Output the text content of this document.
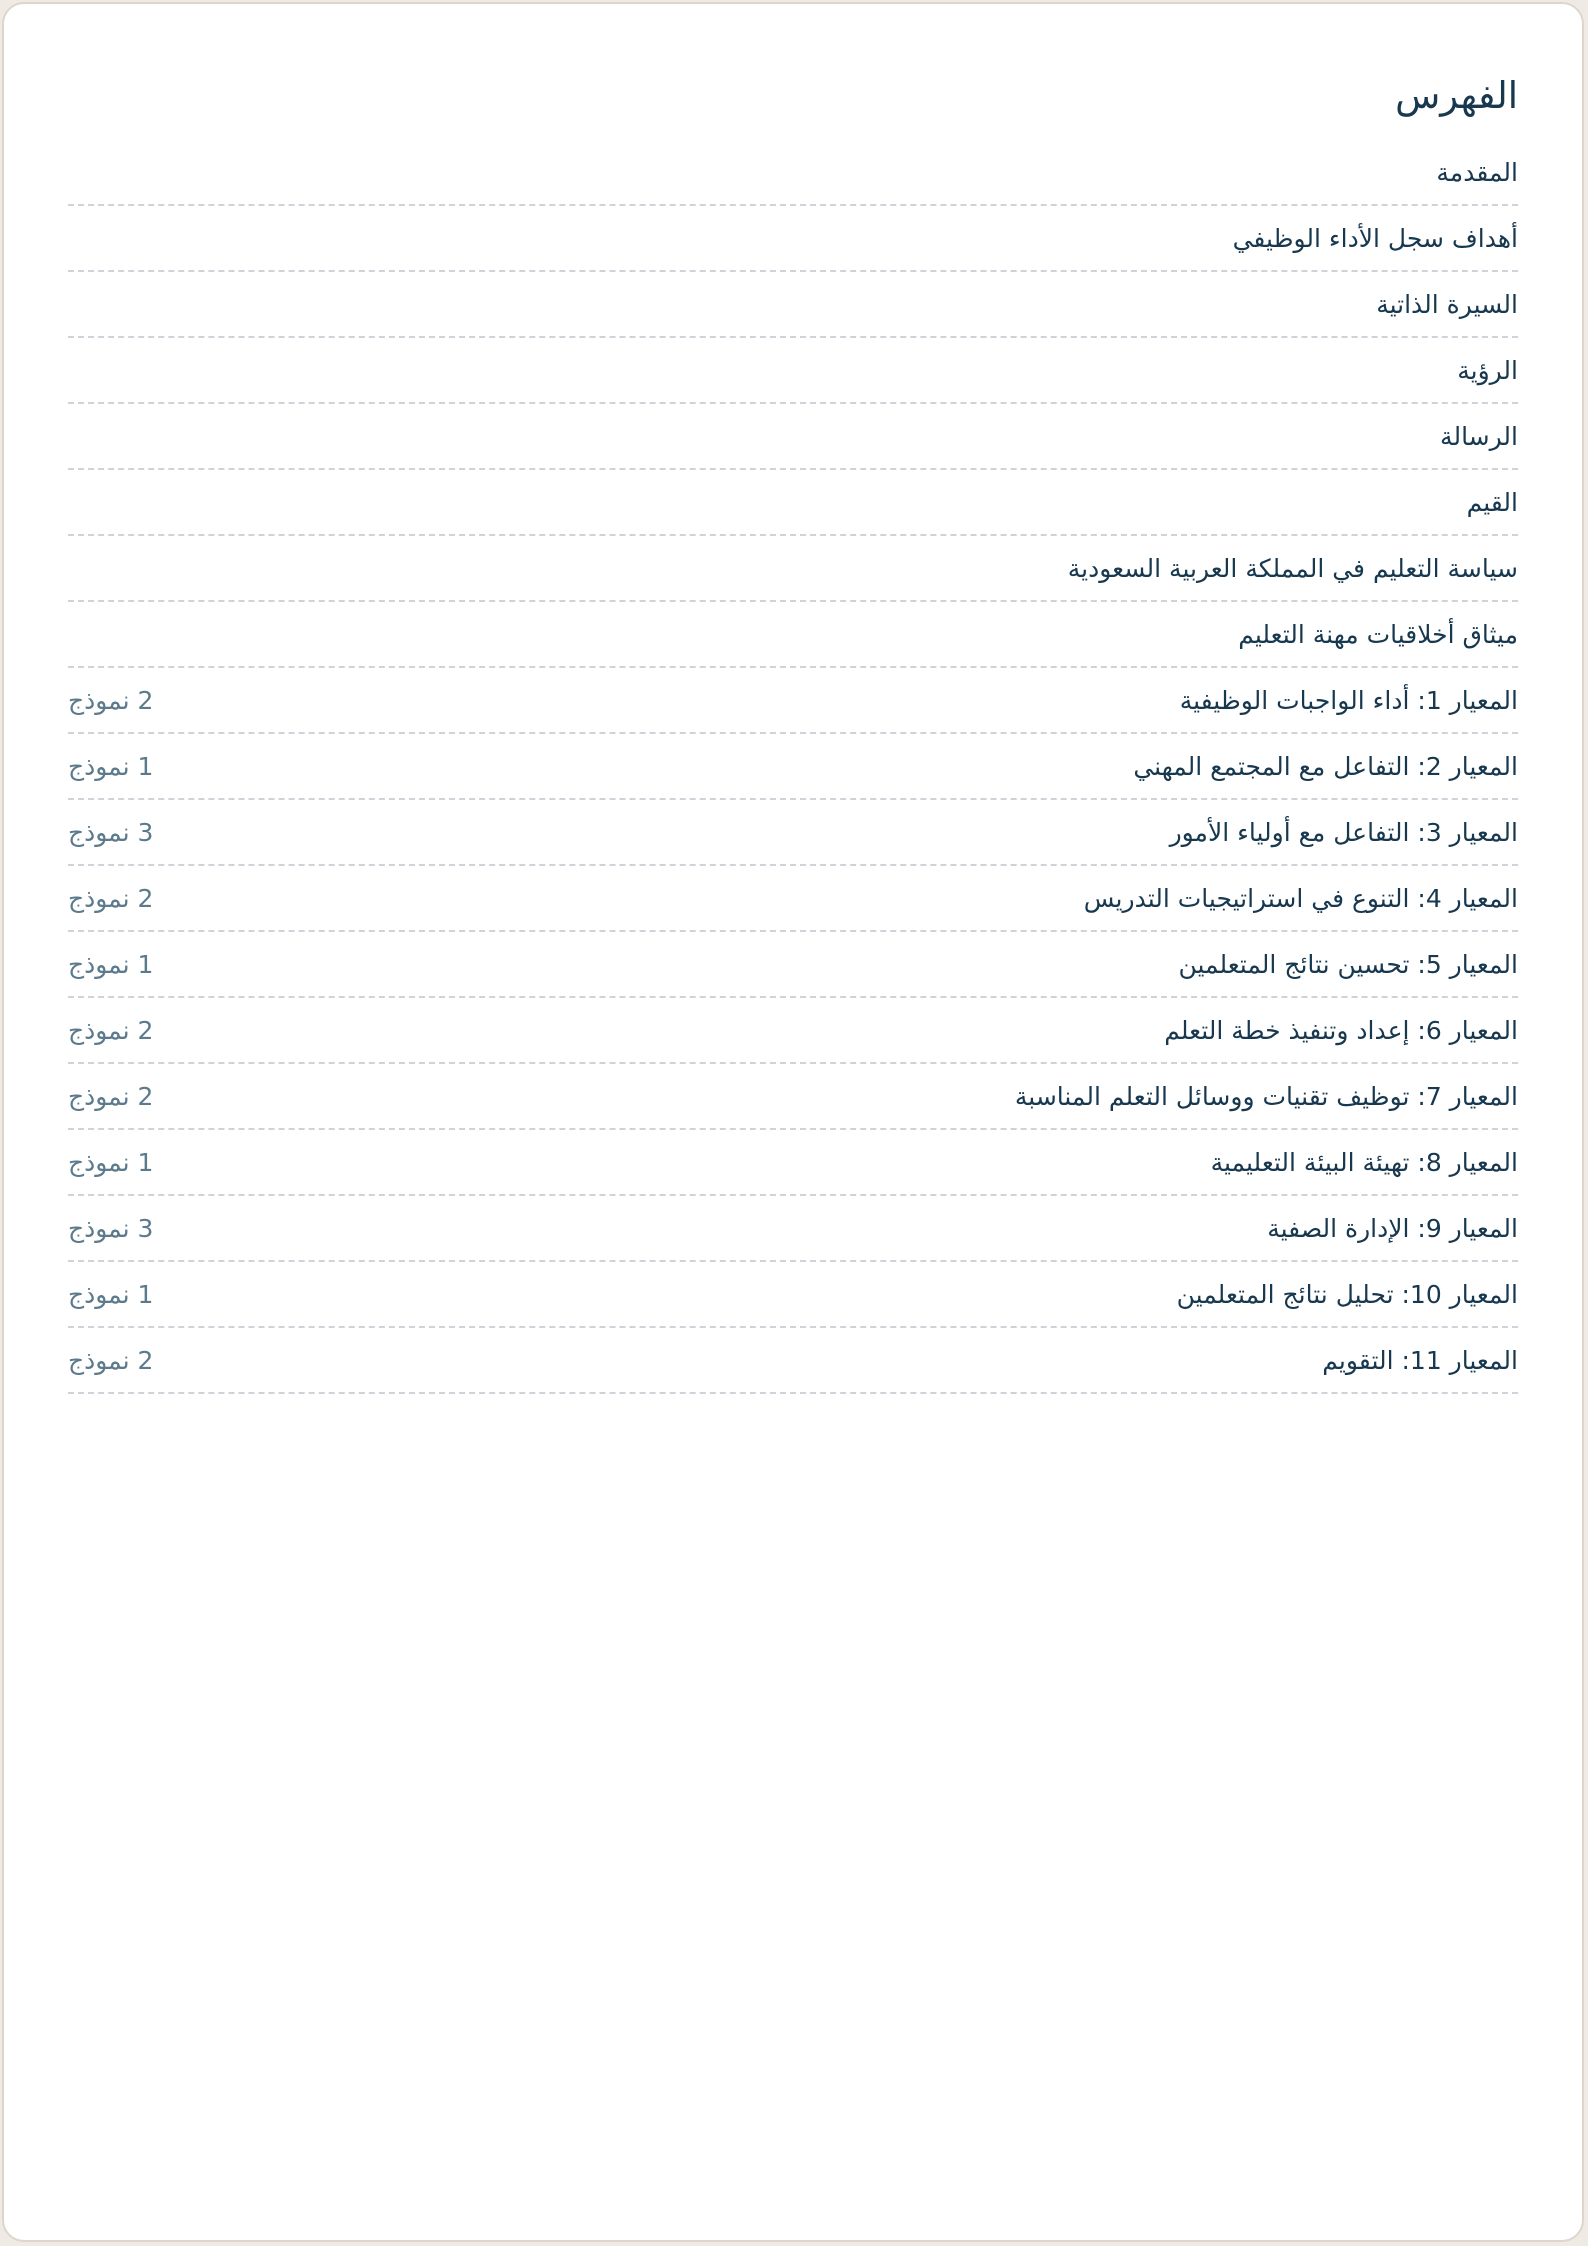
الفهرس
المقدمة
أهداف سجل الأداء الوظيفي
السيرة الذاتية
الرؤية
الرسالة
القيم
سياسة التعليم في المملكة العربية السعودية
ميثاق أخلاقيات مهنة التعليم
المعيار 1: أداء الواجبات الوظيفية
2 نموذج
المعيار 2: التفاعل مع المجتمع المهني
1 نموذج
المعيار 3: التفاعل مع أولياء الأمور
3 نموذج
المعيار 4: التنوع في استراتيجيات التدريس
2 نموذج
المعيار 5: تحسين نتائج المتعلمين
1 نموذج
المعيار 6: إعداد وتنفيذ خطة التعلم
2 نموذج
المعيار 7: توظيف تقنيات ووسائل التعلم المناسبة
2 نموذج
المعيار 8: تهيئة البيئة التعليمية
1 نموذج
المعيار 9: الإدارة الصفية
3 نموذج
المعيار 10: تحليل نتائج المتعلمين
1 نموذج
المعيار 11: التقويم
2 نموذج
